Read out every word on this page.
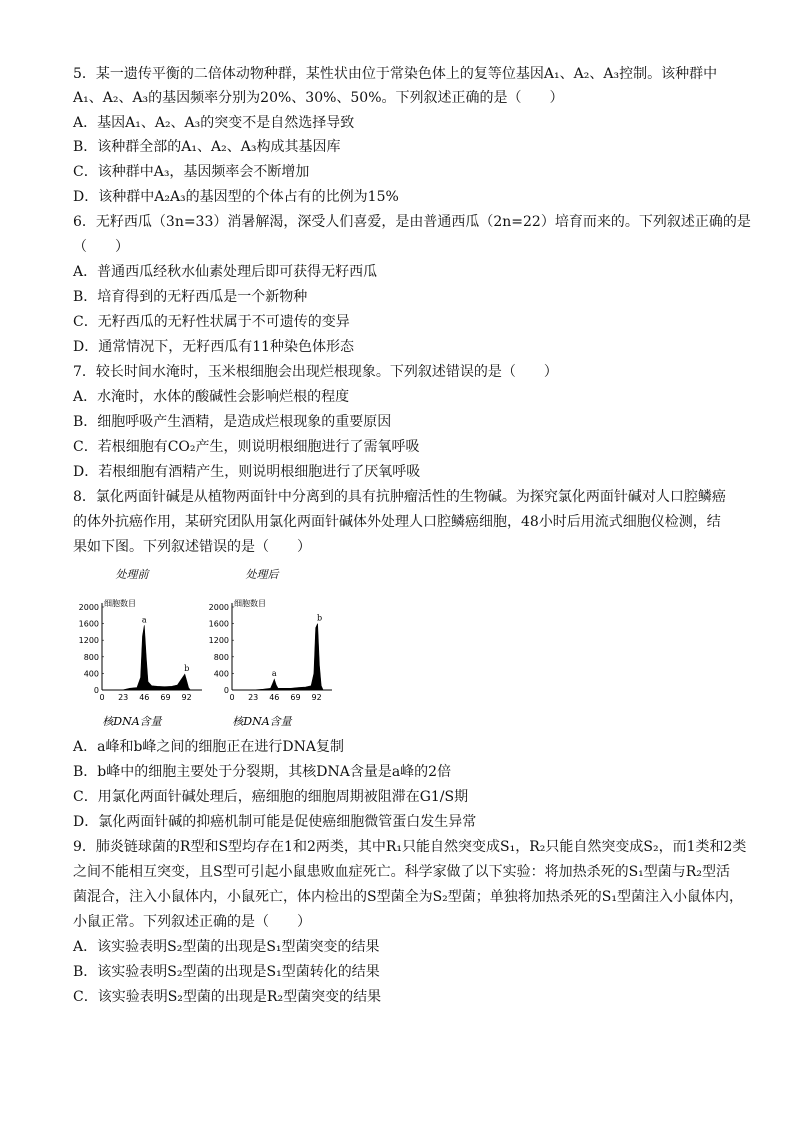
5．某一遗传平衡的二倍体动物种群，某性状由位于常染色体上的复等位基因A₁、A₂、A₃控制。该种群中
A₁、A₂、A₃的基因频率分别为20%、30%、50%。下列叙述正确的是（　　）
A．基因A₁、A₂、A₃的突变不是自然选择导致
B．该种群全部的A₁、A₂、A₃构成其基因库
C．该种群中A₃，基因频率会不断增加
D．该种群中A₂A₃的基因型的个体占有的比例为15%
6．无籽西瓜（3n=33）消暑解渴，深受人们喜爱，是由普通西瓜（2n=22）培育而来的。下列叙述正确的是
（　　）
A．普通西瓜经秋水仙素处理后即可获得无籽西瓜
B．培育得到的无籽西瓜是一个新物种
C．无籽西瓜的无籽性状属于不可遗传的变异
D．通常情况下，无籽西瓜有11种染色体形态
7．较长时间水淹时，玉米根细胞会出现烂根现象。下列叙述错误的是（　　）
A．水淹时，水体的酸碱性会影响烂根的程度
B．细胞呼吸产生酒精，是造成烂根现象的重要原因
C．若根细胞有CO₂产生，则说明根细胞进行了需氧呼吸
D．若根细胞有酒精产生，则说明根细胞进行了厌氧呼吸
8．氯化两面针碱是从植物两面针中分离到的具有抗肿瘤活性的生物碱。为探究氯化两面针碱对人口腔鳞癌
的体外抗癌作用，某研究团队用氯化两面针碱体外处理人口腔鳞癌细胞，48小时后用流式细胞仪检测，结
果如下图。下列叙述错误的是（　　）
处理前
细胞数目
0
400
800
1200
1600
2000
0 23 46 69 92
a
b
核DNA含量
处理后
细胞数目
0
400
800
1200
1600
2000
0 23 46 69 92
a
b
核DNA含量
A．a峰和b峰之间的细胞正在进行DNA复制
B．b峰中的细胞主要处于分裂期，其核DNA含量是a峰的2倍
C．用氯化两面针碱处理后，癌细胞的细胞周期被阻滞在G1/S期
D．氯化两面针碱的抑癌机制可能是促使癌细胞微管蛋白发生异常
9．肺炎链球菌的R型和S型均存在1和2两类，其中R₁只能自然突变成S₁，R₂只能自然突变成S₂，而1类和2类
之间不能相互突变，且S型可引起小鼠患败血症死亡。科学家做了以下实验：将加热杀死的S₁型菌与R₂型活
菌混合，注入小鼠体内，小鼠死亡，体内检出的S型菌全为S₂型菌；单独将加热杀死的S₁型菌注入小鼠体内，
小鼠正常。下列叙述正确的是（　　）
A．该实验表明S₂型菌的出现是S₁型菌突变的结果
B．该实验表明S₂型菌的出现是S₁型菌转化的结果
C．该实验表明S₂型菌的出现是R₂型菌突变的结果
